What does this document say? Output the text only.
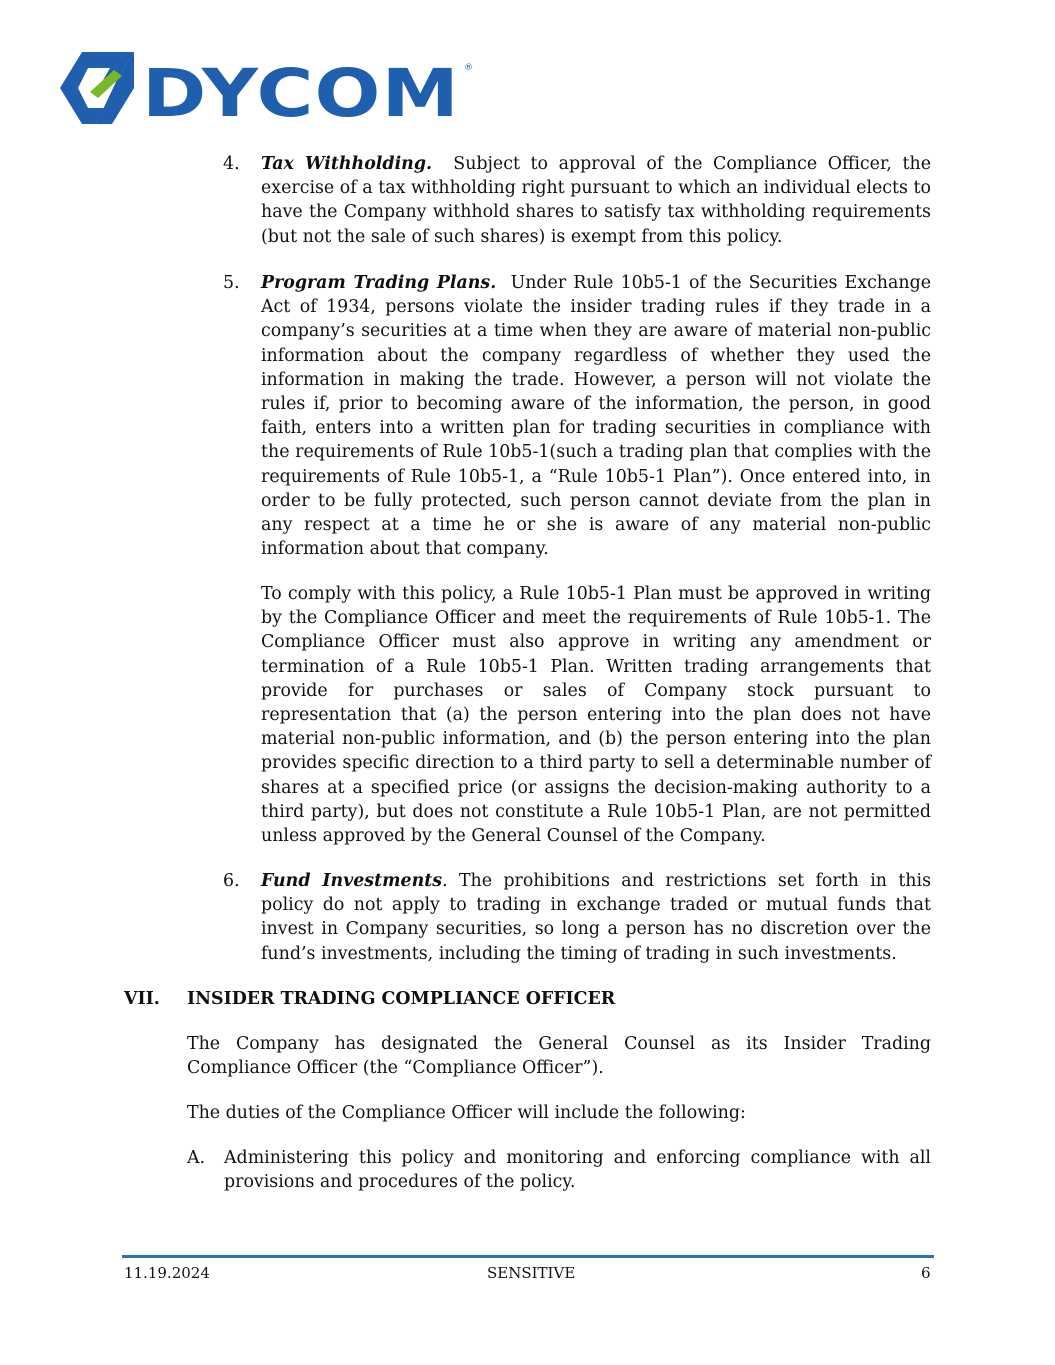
DYCOM ®
4. Tax Withholding. Subject to approval of the Compliance Officer, the exercise of a tax withholding right pursuant to which an individual elects to have the Company withhold shares to satisfy tax withholding requirements (but not the sale of such shares) is exempt from this policy.

5. Program Trading Plans. Under Rule 10b5-1 of the Securities Exchange Act of 1934, persons violate the insider trading rules if they trade in a company’s securities at a time when they are aware of material non-public information about the company regardless of whether they used the information in making the trade. However, a person will not violate the rules if, prior to becoming aware of the information, the person, in good faith, enters into a written plan for trading securities in compliance with the requirements of Rule 10b5-1(such a trading plan that complies with the requirements of Rule 10b5-1, a “Rule 10b5-1 Plan”). Once entered into, in order to be fully protected, such person cannot deviate from the plan in any respect at a time he or she is aware of any material non-public information about that company.

To comply with this policy, a Rule 10b5-1 Plan must be approved in writing by the Compliance Officer and meet the requirements of Rule 10b5-1. The Compliance Officer must also approve in writing any amendment or termination of a Rule 10b5-1 Plan. Written trading arrangements that provide for purchases or sales of Company stock pursuant to representation that (a) the person entering into the plan does not have material non-public information, and (b) the person entering into the plan provides specific direction to a third party to sell a determinable number of shares at a specified price (or assigns the decision-making authority to a third party), but does not constitute a Rule 10b5-1 Plan, are not permitted unless approved by the General Counsel of the Company.

6. Fund Investments. The prohibitions and restrictions set forth in this policy do not apply to trading in exchange traded or mutual funds that invest in Company securities, so long a person has no discretion over the fund’s investments, including the timing of trading in such investments.

VII. INSIDER TRADING COMPLIANCE OFFICER

The Company has designated the General Counsel as its Insider Trading Compliance Officer (the “Compliance Officer”).

The duties of the Compliance Officer will include the following:

A. Administering this policy and monitoring and enforcing compliance with all provisions and procedures of the policy.

11.19.2024	SENSITIVE	6
